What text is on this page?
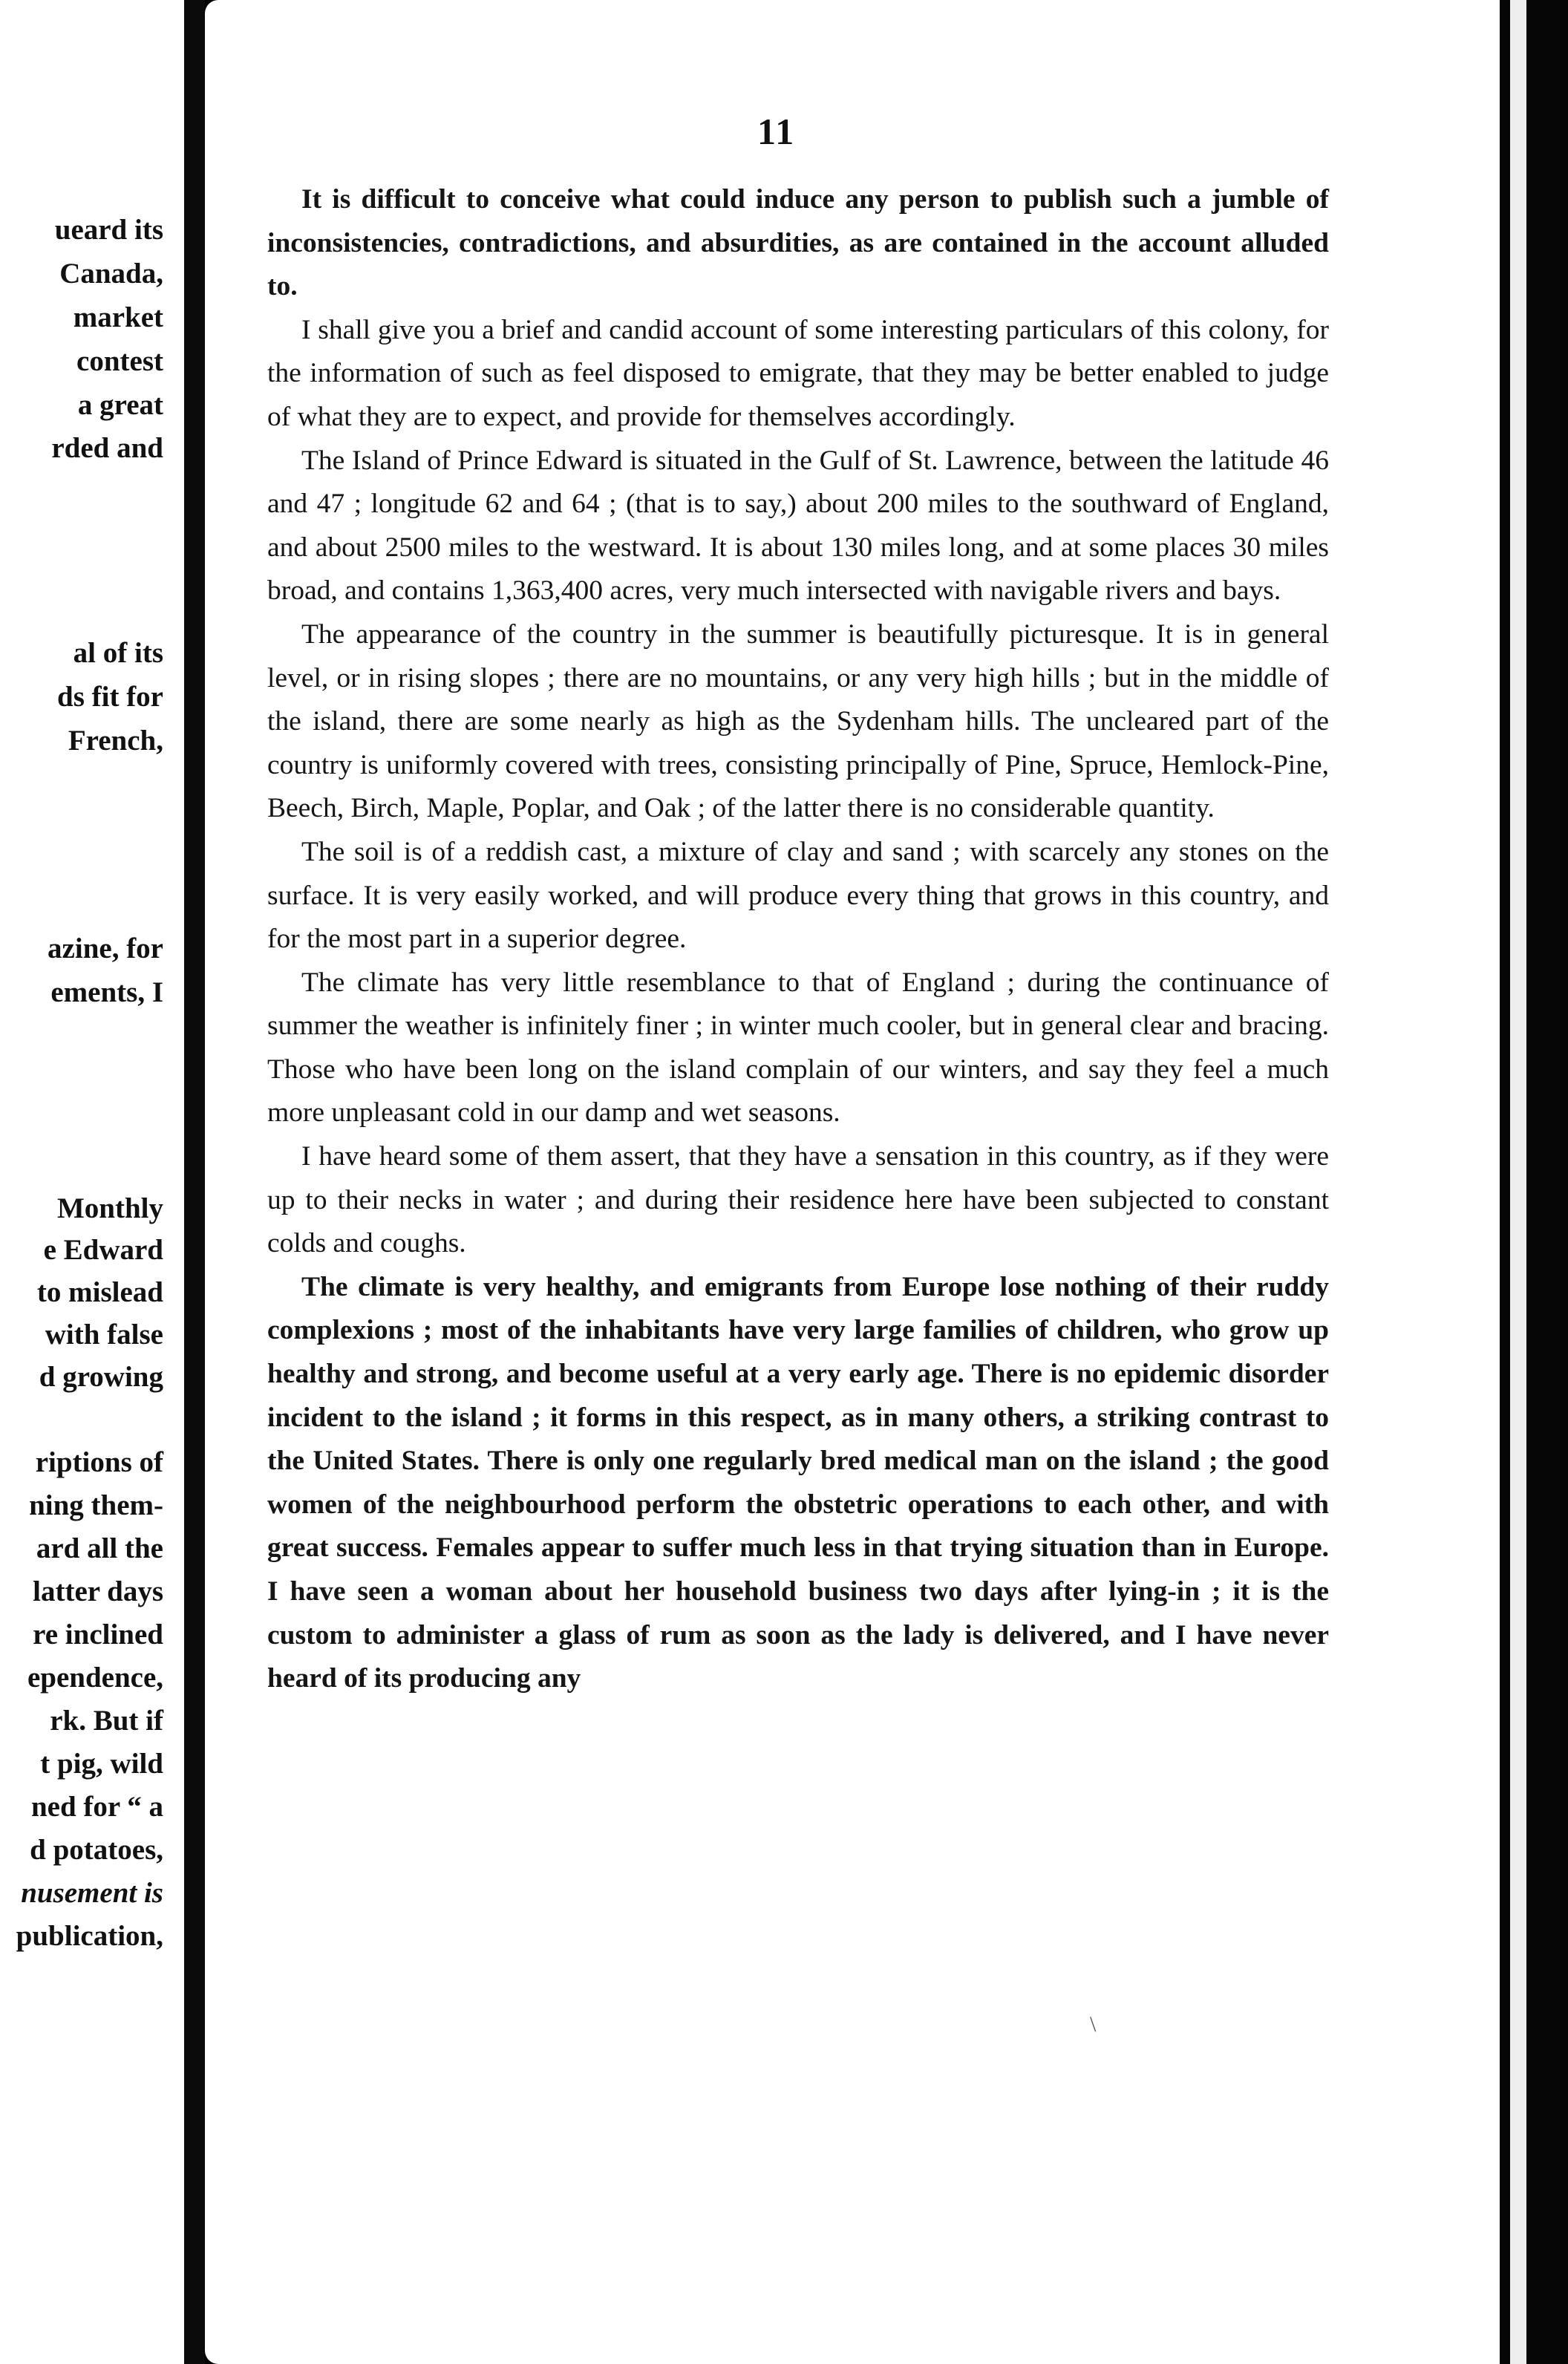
ueard its
Canada,
market
contest
a great
rded and
al of its
ds fit for
French,
azine, for
ements, I
Monthly
e Edward
to mislead
with false
d growing
riptions of
ning them-
ard all the
latter days
re inclined
ependence,
rk. But if
t pig, wild
ned for “ a
d potatoes,
nusement is
publication,
11

It is difficult to conceive what could induce any person to publish such a jumble of inconsistencies, contradictions, and absurdities, as are contained in the account alluded to.

I shall give you a brief and candid account of some interesting particulars of this colony, for the information of such as feel disposed to emigrate, that they may be better enabled to judge of what they are to expect, and provide for themselves accordingly.

The Island of Prince Edward is situated in the Gulf of St. Lawrence, between the latitude 46 and 47 ; longitude 62 and 64 ; (that is to say,) about 200 miles to the southward of England, and about 2500 miles to the westward. It is about 130 miles long, and at some places 30 miles broad, and contains 1,363,400 acres, very much intersected with navigable rivers and bays.

The appearance of the country in the summer is beautifully picturesque. It is in general level, or in rising slopes ; there are no mountains, or any very high hills ; but in the middle of the island, there are some nearly as high as the Sydenham hills. The uncleared part of the country is uniformly covered with trees, consisting principally of Pine, Spruce, Hemlock-Pine, Beech, Birch, Maple, Poplar, and Oak ; of the latter there is no considerable quantity.

The soil is of a reddish cast, a mixture of clay and sand ; with scarcely any stones on the surface. It is very easily worked, and will produce every thing that grows in this country, and for the most part in a superior degree.

The climate has very little resemblance to that of England ; during the continuance of summer the weather is infinitely finer ; in winter much cooler, but in general clear and bracing. Those who have been long on the island complain of our winters, and say they feel a much more unpleasant cold in our damp and wet seasons.

I have heard some of them assert, that they have a sensation in this country, as if they were up to their necks in water ; and during their residence here have been subjected to constant colds and coughs.

The climate is very healthy, and emigrants from Europe lose nothing of their ruddy complexions ; most of the inhabitants have very large families of children, who grow up healthy and strong, and become useful at a very early age. There is no epidemic disorder incident to the island ; it forms in this respect, as in many others, a striking contrast to the United States. There is only one regularly bred medical man on the island ; the good women of the neighbourhood perform the obstetric operations to each other, and with great success. Females appear to suffer much less in that trying situation than in Europe. I have seen a woman about her household business two days after lying-in ; it is the custom to administer a glass of rum as soon as the lady is delivered, and I have never heard of its producing any

\
